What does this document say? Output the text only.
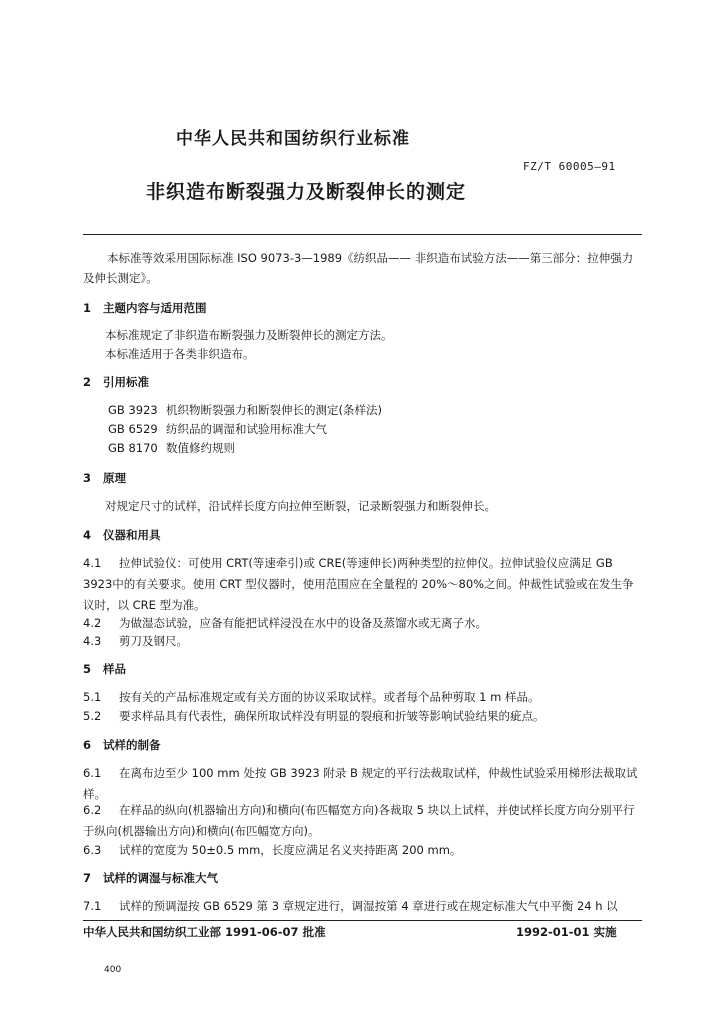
中华人民共和国纺织行业标准
FZ/T 60005—91
非织造布断裂强力及断裂伸长的测定
本标准等效采用国际标准 ISO 9073-3—1989《纺织品—— 非织造布试验方法——第三部分：拉伸强力及伸长测定》。
1 主题内容与适用范围
本标准规定了非织造布断裂强力及断裂伸长的测定方法。
本标准适用于各类非织造布。
2 引用标准
GB 3923 机织物断裂强力和断裂伸长的测定(条样法)
GB 6529 纺织品的调湿和试验用标准大气
GB 8170 数值修约规则
3 原理
对规定尺寸的试样，沿试样长度方向拉伸至断裂，记录断裂强力和断裂伸长。
4 仪器和用具
4.1 拉伸试验仪：可使用 CRT(等速牵引)或 CRE(等速伸长)两种类型的拉伸仪。拉伸试验仪应满足 GB 3923中的有关要求。使用 CRT 型仪器时，使用范围应在全量程的 20%～80%之间。仲裁性试验或在发生争议时，以 CRE 型为准。
4.2 为做湿态试验，应备有能把试样浸没在水中的设备及蒸馏水或无离子水。
4.3 剪刀及钢尺。
5 样品
5.1 按有关的产品标准规定或有关方面的协议采取试样。或者每个品种剪取 1 m 样品。
5.2 要求样品具有代表性，确保所取试样没有明显的裂痕和折皱等影响试验结果的疵点。
6 试样的制备
6.1 在离布边至少 100 mm 处按 GB 3923 附录 B 规定的平行法裁取试样，仲裁性试验采用梯形法裁取试样。
6.2 在样品的纵向(机器输出方向)和横向(布匹幅宽方向)各裁取 5 块以上试样，并使试样长度方向分别平行于纵向(机器输出方向)和横向(布匹幅宽方向)。
6.3 试样的宽度为 50±0.5 mm，长度应满足名义夹持距离 200 mm。
7 试样的调湿与标准大气
7.1 试样的预调湿按 GB 6529 第 3 章规定进行，调湿按第 4 章进行或在规定标准大气中平衡 24 h 以
中华人民共和国纺织工业部 1991-06-07 批准	1992-01-01 实施
400
